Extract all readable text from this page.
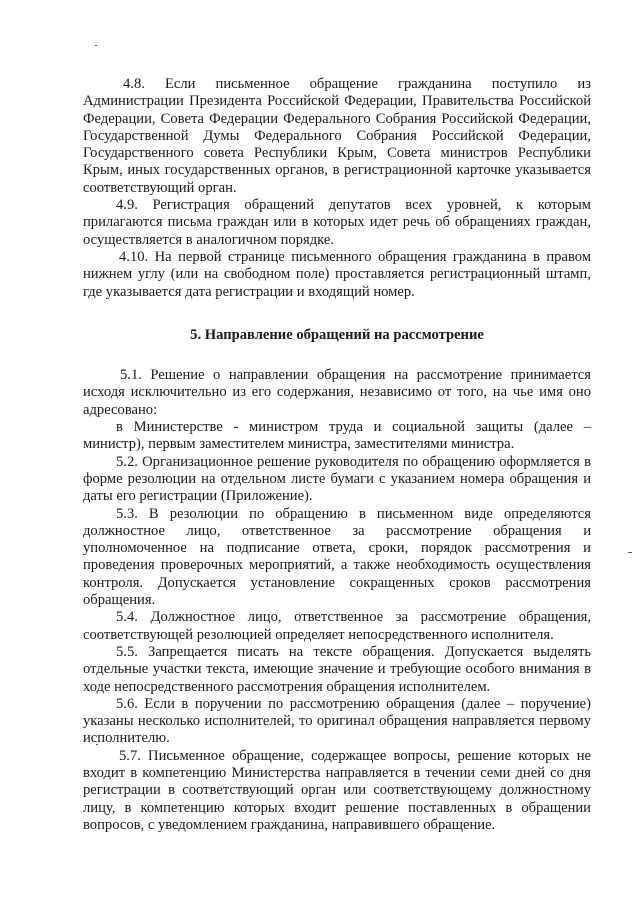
4.8. Если письменное обращение гражданина поступило из Администрации Президента Российской Федерации, Правительства Российской Федерации, Совета Федерации Федерального Собрания Российской Федерации, Государственной Думы Федерального Собрания Российской Федерации, Государственного совета Республики Крым, Совета министров Республики Крым, иных государственных органов, в регистрационной карточке указывается соответствующий орган.

4.9. Регистрация обращений депутатов всех уровней, к которым прилагаются письма граждан или в которых идет речь об обращениях граждан, осуществляется в аналогичном порядке.

4.10. На первой странице письменного обращения гражданина в правом нижнем углу (или на свободном поле) проставляется регистрационный штамп, где указывается дата регистрации и входящий номер.

5. Направление обращений на рассмотрение

5.1. Решение о направлении обращения на рассмотрение принимается исходя исключительно из его содержания, независимо от того, на чье имя оно адресовано:

в Министерстве - министром труда и социальной защиты (далее – министр), первым заместителем министра, заместителями министра.

5.2. Организационное решение руководителя по обращению оформляется в форме резолюции на отдельном листе бумаги с указанием номера обращения и даты его регистрации (Приложение).

5.3. В резолюции по обращению в письменном виде определяются должностное лицо, ответственное за рассмотрение обращения и уполномоченное на подписание ответа, сроки, порядок рассмотрения и проведения проверочных мероприятий, а также необходимость осуществления контроля. Допускается установление сокращенных сроков рассмотрения обращения.

5.4. Должностное лицо, ответственное за рассмотрение обращения, соответствующей резолюцией определяет непосредственного исполнителя.

5.5. Запрещается писать на тексте обращения. Допускается выделять отдельные участки текста, имеющие значение и требующие особого внимания в ходе непосредственного рассмотрения обращения исполнителем.

5.6. Если в поручении по рассмотрению обращения (далее – поручение) указаны несколько исполнителей, то оригинал обращения направляется первому исполнителю.

5.7. Письменное обращение, содержащее вопросы, решение которых не входит в компетенцию Министерства направляется в течении семи дней со дня регистрации в соответствующий орган или соответствующему должностному лицу, в компетенцию которых входит решение поставленных в обращении вопросов, с уведомлением гражданина, направившего обращение.
